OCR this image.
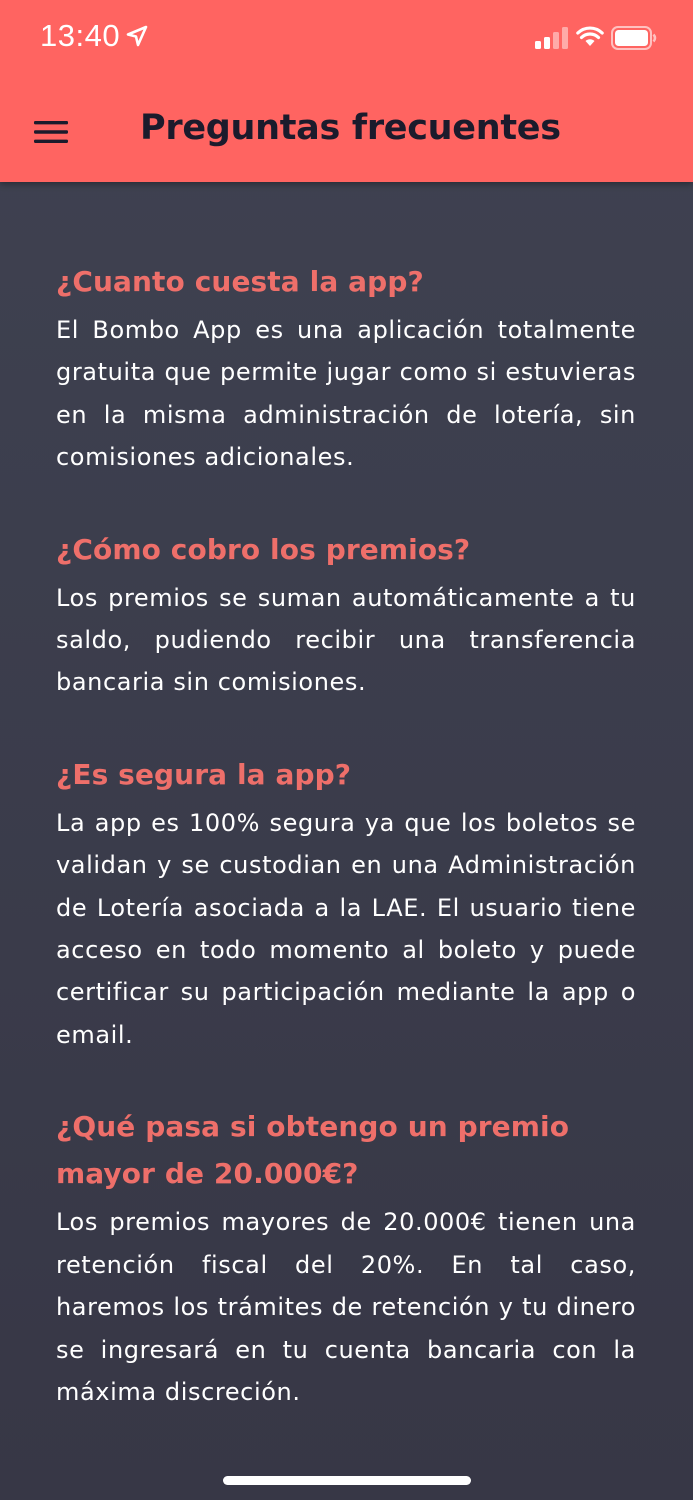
13:40
Preguntas frecuentes
¿Cuanto cuesta la app?

El Bombo App es una aplicación totalmente gratuita que permite jugar como si estuvieras en la misma administración de lotería, sin comisiones adicionales.

¿Cómo cobro los premios?

Los premios se suman automáticamente a tu saldo, pudiendo recibir una transferencia bancaria sin comisiones.

¿Es segura la app?

La app es 100% segura ya que los boletos se validan y se custodian en una Administración de Lotería asociada a la LAE. El usuario tiene acceso en todo momento al boleto y puede certificar su participación mediante la app o email.

¿Qué pasa si obtengo un premio mayor de 20.000€?

Los premios mayores de 20.000€ tienen una retención fiscal del 20%. En tal caso, haremos los trámites de retención y tu dinero se ingresará en tu cuenta bancaria con la máxima discreción.
